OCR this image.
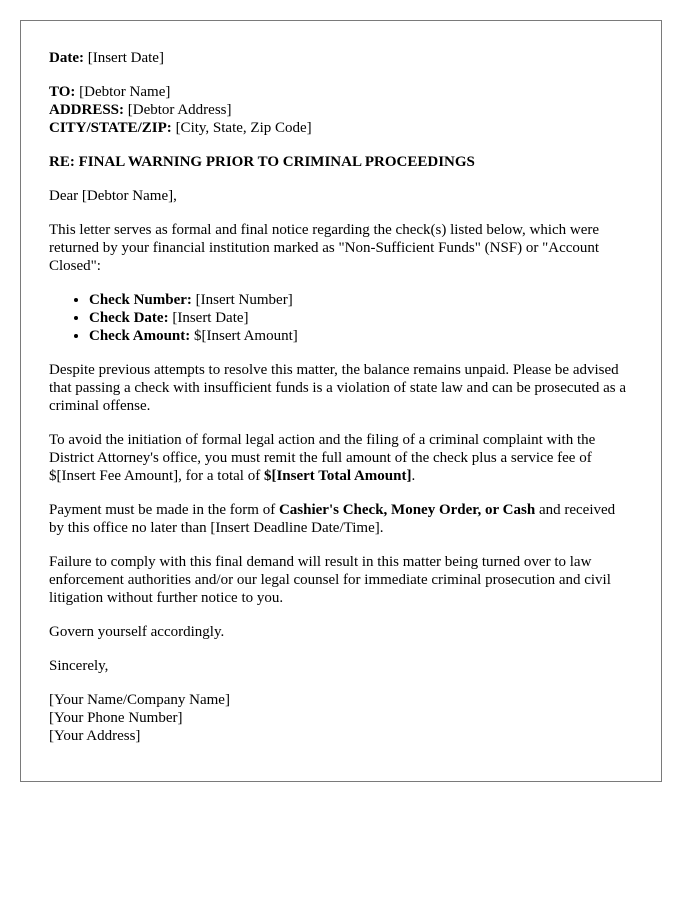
Date: [Insert Date]

TO: [Debtor Name]
ADDRESS: [Debtor Address]
CITY/STATE/ZIP: [City, State, Zip Code]

RE: FINAL WARNING PRIOR TO CRIMINAL PROCEEDINGS

Dear [Debtor Name],

This letter serves as formal and final notice regarding the check(s) listed below, which were returned by your financial institution marked as "Non-Sufficient Funds" (NSF) or "Account Closed":

• Check Number: [Insert Number]
• Check Date: [Insert Date]
• Check Amount: $[Insert Amount]

Despite previous attempts to resolve this matter, the balance remains unpaid. Please be advised that passing a check with insufficient funds is a violation of state law and can be prosecuted as a criminal offense.

To avoid the initiation of formal legal action and the filing of a criminal complaint with the District Attorney's office, you must remit the full amount of the check plus a service fee of $[Insert Fee Amount], for a total of $[Insert Total Amount].

Payment must be made in the form of Cashier's Check, Money Order, or Cash and received by this office no later than [Insert Deadline Date/Time].

Failure to comply with this final demand will result in this matter being turned over to law enforcement authorities and/or our legal counsel for immediate criminal prosecution and civil litigation without further notice to you.

Govern yourself accordingly.

Sincerely,

[Your Name/Company Name]
[Your Phone Number]
[Your Address]
